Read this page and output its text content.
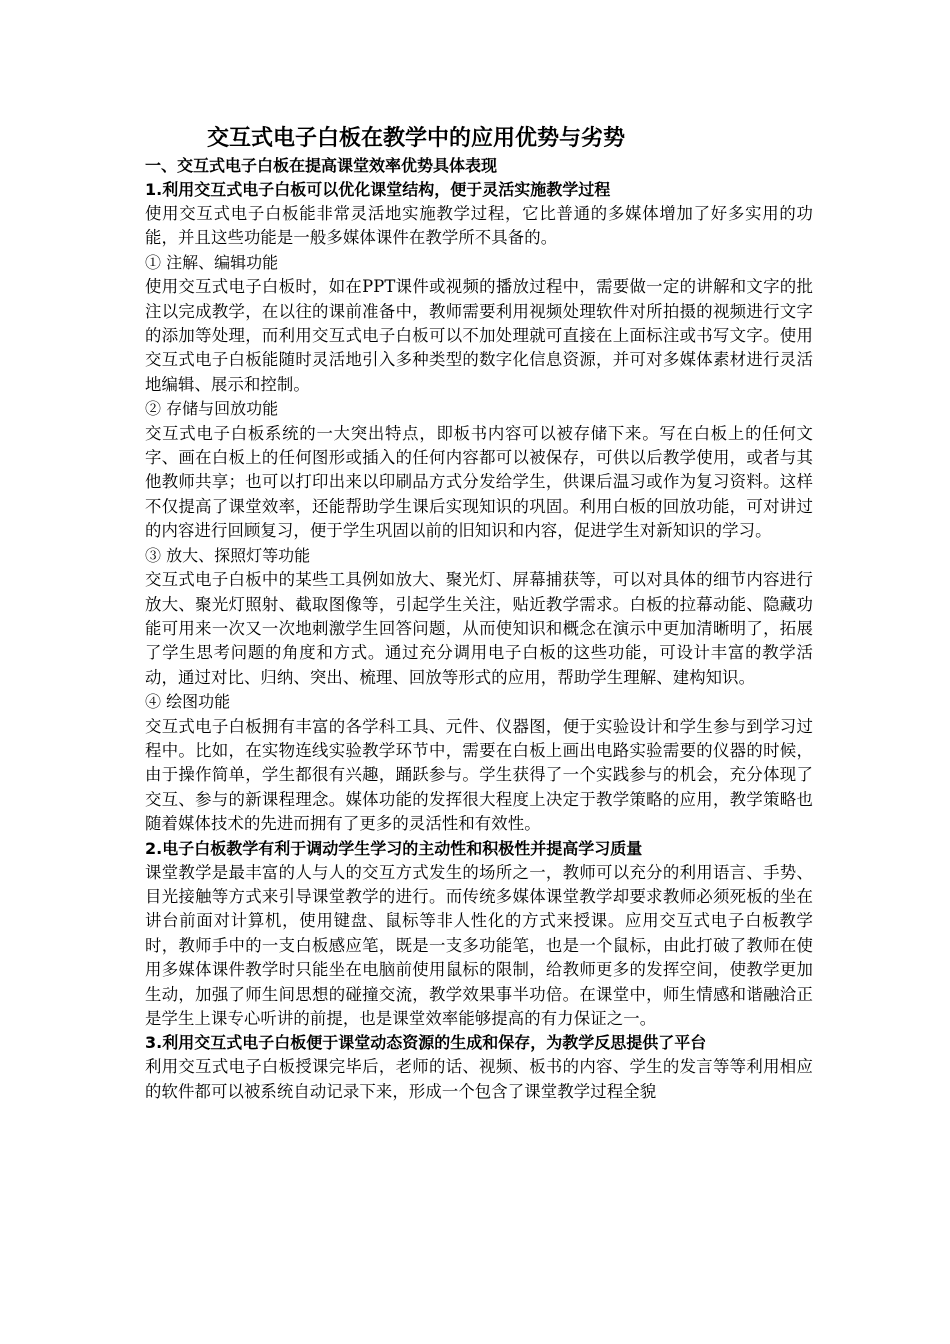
交互式电子白板在教学中的应用优势与劣势

一、交互式电子白板在提高课堂效率优势具体表现

1.利用交互式电子白板可以优化课堂结构，便于灵活实施教学过程

使用交互式电子白板能非常灵活地实施教学过程，它比普通的多媒体增加了好多实用的功能，并且这些功能是一般多媒体课件在教学所不具备的。

① 注解、编辑功能

使用交互式电子白板时，如在PPT课件或视频的播放过程中，需要做一定的讲解和文字的批注以完成教学，在以往的课前准备中，教师需要利用视频处理软件对所拍摄的视频进行文字的添加等处理，而利用交互式电子白板可以不加处理就可直接在上面标注或书写文字。使用交互式电子白板能随时灵活地引入多种类型的数字化信息资源，并可对多媒体素材进行灵活地编辑、展示和控制。

② 存储与回放功能

交互式电子白板系统的一大突出特点，即板书内容可以被存储下来。写在白板上的任何文字、画在白板上的任何图形或插入的任何内容都可以被保存，可供以后教学使用，或者与其他教师共享；也可以打印出来以印刷品方式分发给学生，供课后温习或作为复习资料。这样不仅提高了课堂效率，还能帮助学生课后实现知识的巩固。利用白板的回放功能，可对讲过的内容进行回顾复习，便于学生巩固以前的旧知识和内容，促进学生对新知识的学习。

③ 放大、探照灯等功能

交互式电子白板中的某些工具例如放大、聚光灯、屏幕捕获等，可以对具体的细节内容进行放大、聚光灯照射、截取图像等，引起学生关注，贴近教学需求。白板的拉幕动能、隐藏功能可用来一次又一次地刺激学生回答问题，从而使知识和概念在演示中更加清晰明了，拓展了学生思考问题的角度和方式。通过充分调用电子白板的这些功能，可设计丰富的教学活动，通过对比、归纳、突出、梳理、回放等形式的应用，帮助学生理解、建构知识。

④ 绘图功能

交互式电子白板拥有丰富的各学科工具、元件、仪器图，便于实验设计和学生参与到学习过程中。比如，在实物连线实验教学环节中，需要在白板上画出电路实验需要的仪器的时候，由于操作简单，学生都很有兴趣，踊跃参与。学生获得了一个实践参与的机会，充分体现了交互、参与的新课程理念。媒体功能的发挥很大程度上决定于教学策略的应用，教学策略也随着媒体技术的先进而拥有了更多的灵活性和有效性。

2.电子白板教学有利于调动学生学习的主动性和积极性并提高学习质量

课堂教学是最丰富的人与人的交互方式发生的场所之一，教师可以充分的利用语言、手势、目光接触等方式来引导课堂教学的进行。而传统多媒体课堂教学却要求教师必须死板的坐在讲台前面对计算机，使用键盘、鼠标等非人性化的方式来授课。应用交互式电子白板教学时，教师手中的一支白板感应笔，既是一支多功能笔，也是一个鼠标，由此打破了教师在使用多媒体课件教学时只能坐在电脑前使用鼠标的限制，给教师更多的发挥空间，使教学更加生动，加强了师生间思想的碰撞交流，教学效果事半功倍。在课堂中，师生情感和谐融洽正是学生上课专心听讲的前提，也是课堂效率能够提高的有力保证之一。

3.利用交互式电子白板便于课堂动态资源的生成和保存，为教学反思提供了平台

利用交互式电子白板授课完毕后，老师的话、视频、板书的内容、学生的发言等等利用相应的软件都可以被系统自动记录下来，形成一个包含了课堂教学过程全貌
